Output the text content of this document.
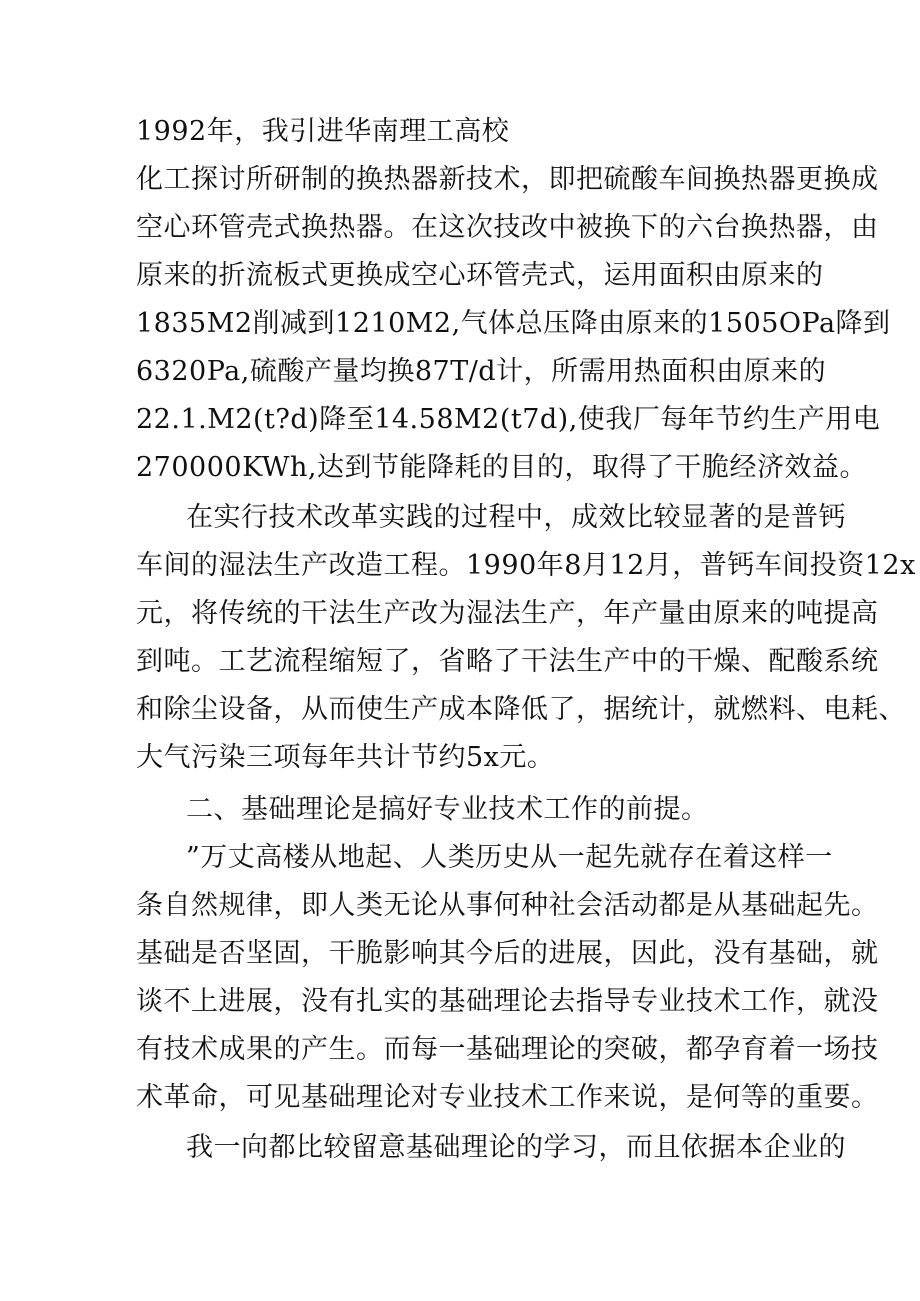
1992年，我引进华南理工高校
化工探讨所研制的换热器新技术，即把硫酸车间换热器更换成
空心环管壳式换热器。在这次技改中被换下的六台换热器，由
原来的折流板式更换成空心环管壳式，运用面积由原来的
1835M2削减到1210M2,气体总压降由原来的1505OPa降到
6320Pa,硫酸产量均换87T/d计，所需用热面积由原来的
22.1.M2(t?d)降至14.58M2(t7d),使我厂每年节约生产用电
270000KWh,达到节能降耗的目的，取得了干脆经济效益。
在实行技术改革实践的过程中，成效比较显著的是普钙
车间的湿法生产改造工程。1990年8月12月，普钙车间投资12x
元，将传统的干法生产改为湿法生产，年产量由原来的吨提高
到吨。工艺流程缩短了，省略了干法生产中的干燥、配酸系统
和除尘设备，从而使生产成本降低了，据统计，就燃料、电耗、
大气污染三项每年共计节约5x元。
二、基础理论是搞好专业技术工作的前提。
”万丈高楼从地起、人类历史从一起先就存在着这样一
条自然规律，即人类无论从事何种社会活动都是从基础起先。
基础是否坚固，干脆影响其今后的进展，因此，没有基础，就
谈不上进展，没有扎实的基础理论去指导专业技术工作，就没
有技术成果的产生。而每一基础理论的突破，都孕育着一场技
术革命，可见基础理论对专业技术工作来说，是何等的重要。
我一向都比较留意基础理论的学习，而且依据本企业的
